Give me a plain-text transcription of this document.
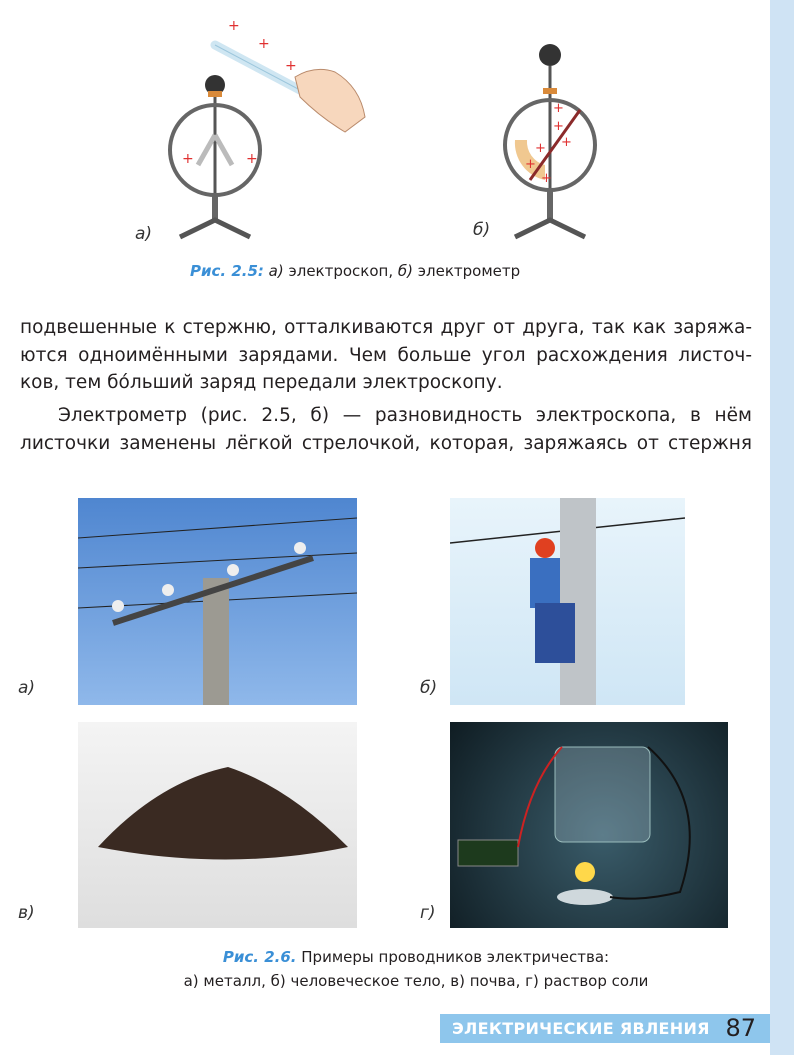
+
+
+
+	+
а)
+
+
+
+
+
+
б)
Рис. 2.5: а) электроскоп, б) электрометр
подвешенные к стержню, отталкиваются друг от друга, так как заряжа-
ются одноимёнными зарядами. Чем больше угол расхождения листоч-
ков, тем бóльший заряд передали электроскопу.
Электрометр (рис. 2.5, б) — разновидность электроскопа, в нём
листочки заменены лёгкой стрелочкой, которая, заряжаясь от стержня
а)	б)
в)	г)
Рис. 2.6. Примеры проводников электричества:
а) металл, б) человеческое тело, в) почва, г) раствор соли
ЭЛЕКТРИЧЕСКИЕ ЯВЛЕНИЯ 87
